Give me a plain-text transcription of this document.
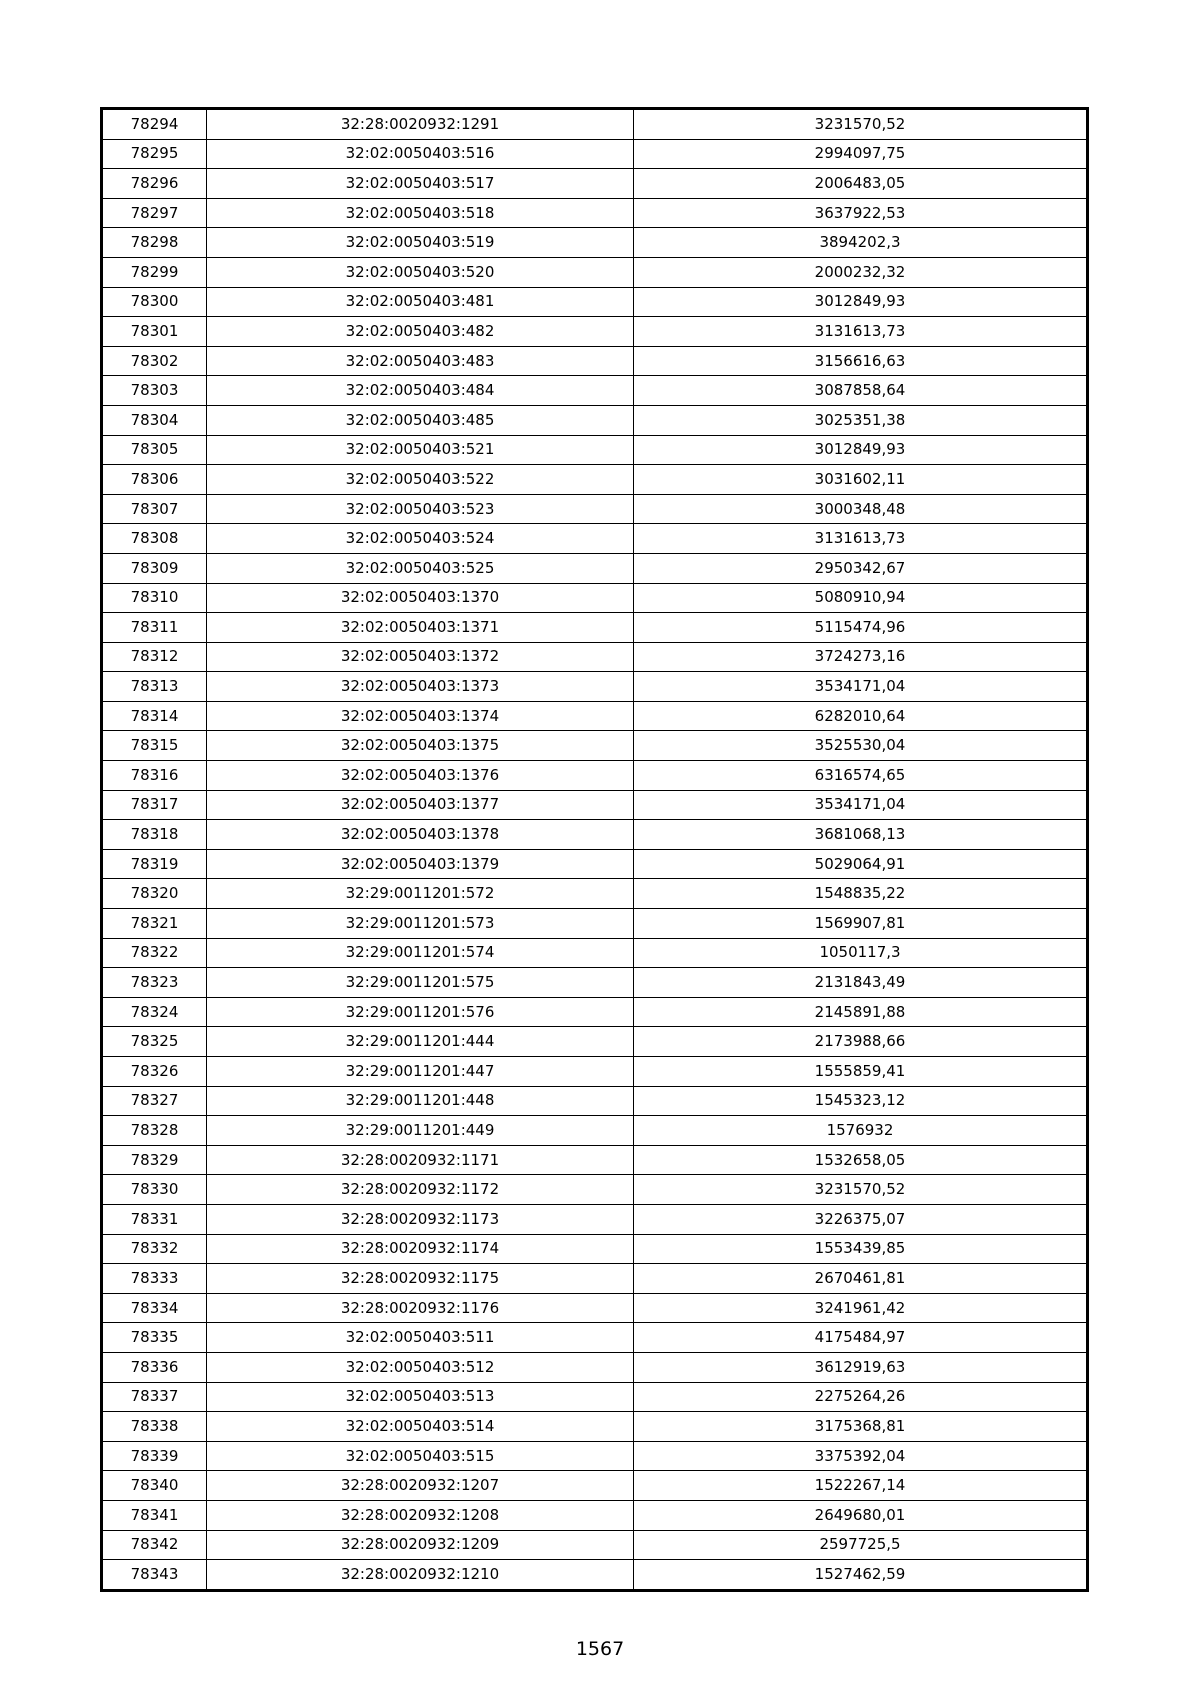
78294	32:28:0020932:1291	3231570,52
78295	32:02:0050403:516	2994097,75
78296	32:02:0050403:517	2006483,05
78297	32:02:0050403:518	3637922,53
78298	32:02:0050403:519	3894202,3
78299	32:02:0050403:520	2000232,32
78300	32:02:0050403:481	3012849,93
78301	32:02:0050403:482	3131613,73
78302	32:02:0050403:483	3156616,63
78303	32:02:0050403:484	3087858,64
78304	32:02:0050403:485	3025351,38
78305	32:02:0050403:521	3012849,93
78306	32:02:0050403:522	3031602,11
78307	32:02:0050403:523	3000348,48
78308	32:02:0050403:524	3131613,73
78309	32:02:0050403:525	2950342,67
78310	32:02:0050403:1370	5080910,94
78311	32:02:0050403:1371	5115474,96
78312	32:02:0050403:1372	3724273,16
78313	32:02:0050403:1373	3534171,04
78314	32:02:0050403:1374	6282010,64
78315	32:02:0050403:1375	3525530,04
78316	32:02:0050403:1376	6316574,65
78317	32:02:0050403:1377	3534171,04
78318	32:02:0050403:1378	3681068,13
78319	32:02:0050403:1379	5029064,91
78320	32:29:0011201:572	1548835,22
78321	32:29:0011201:573	1569907,81
78322	32:29:0011201:574	1050117,3
78323	32:29:0011201:575	2131843,49
78324	32:29:0011201:576	2145891,88
78325	32:29:0011201:444	2173988,66
78326	32:29:0011201:447	1555859,41
78327	32:29:0011201:448	1545323,12
78328	32:29:0011201:449	1576932
78329	32:28:0020932:1171	1532658,05
78330	32:28:0020932:1172	3231570,52
78331	32:28:0020932:1173	3226375,07
78332	32:28:0020932:1174	1553439,85
78333	32:28:0020932:1175	2670461,81
78334	32:28:0020932:1176	3241961,42
78335	32:02:0050403:511	4175484,97
78336	32:02:0050403:512	3612919,63
78337	32:02:0050403:513	2275264,26
78338	32:02:0050403:514	3175368,81
78339	32:02:0050403:515	3375392,04
78340	32:28:0020932:1207	1522267,14
78341	32:28:0020932:1208	2649680,01
78342	32:28:0020932:1209	2597725,5
78343	32:28:0020932:1210	1527462,59
1567
